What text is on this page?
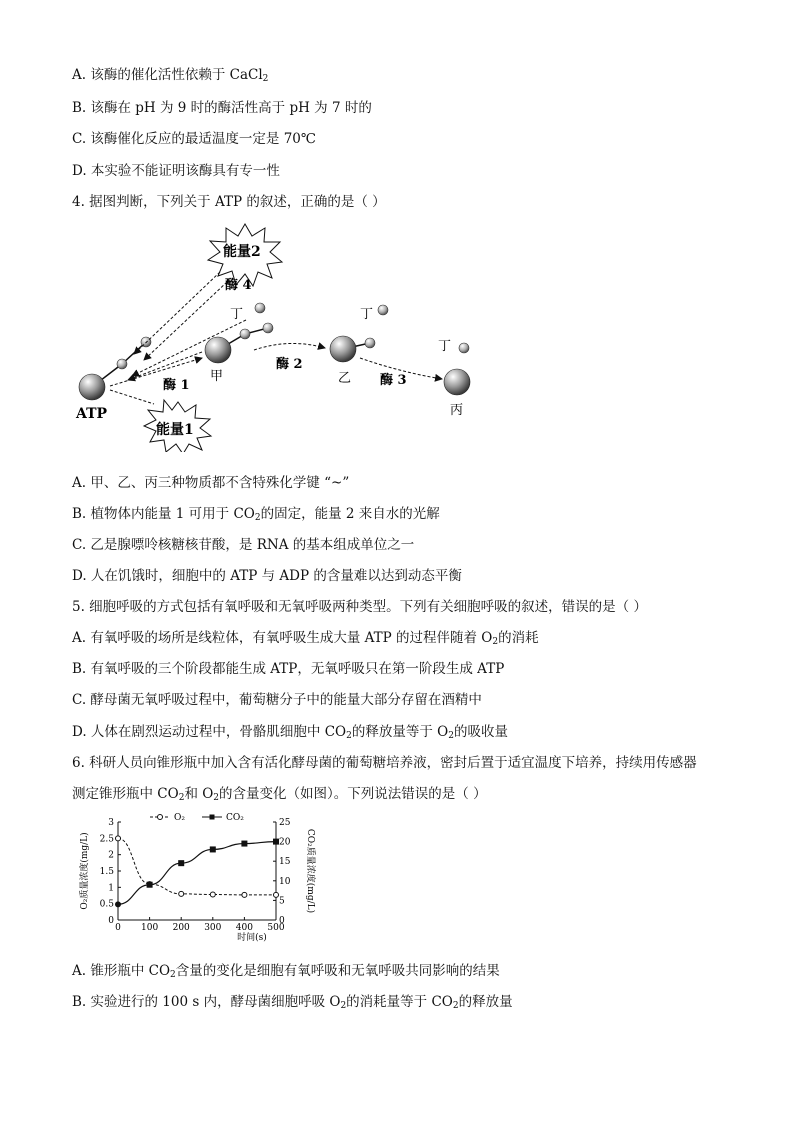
A. 该酶的催化活性依赖于 CaCl$_2$
B. 该酶在 pH 为 9 时的酶活性高于 pH 为 7 时的
C. 该酶催化反应的最适温度一定是 70℃
D. 本实验不能证明该酶具有专一性
4. 据图判断，下列关于 ATP 的叙述，正确的是（ ）
能量2
酶 4
能量1
ATP
酶 1
丁
甲
酶 2
丁
乙 酶 3
丁
丙
A. 甲、乙、丙三种物质都不含特殊化学键 “~”
B. 植物体内能量 1 可用于 $CO_2$的固定，能量 2 来自水的光解
C. 乙是腺嘌呤核糖核苷酸，是 RNA 的基本组成单位之一
D. 人在饥饿时，细胞中的 ATP 与 ADP 的含量难以达到动态平衡
5. 细胞呼吸的方式包括有氧呼吸和无氧呼吸两种类型。下列有关细胞呼吸的叙述，错误的是（ ）
A. 有氧呼吸的场所是线粒体，有氧呼吸生成大量 ATP 的过程伴随着 $O_2$的消耗
B. 有氧呼吸的三个阶段都能生成 ATP，无氧呼吸只在第一阶段生成 ATP
C. 酵母菌无氧呼吸过程中，葡萄糖分子中的能量大部分存留在酒精中
D. 人体在剧烈运动过程中，骨骼肌细胞中 $CO_2$的释放量等于 $O_2$的吸收量
6. 科研人员向锥形瓶中加入含有活化酵母菌的葡萄糖培养液，密封后置于适宜温度下培养，持续用传感器
测定锥形瓶中 $CO_2$和 $O_2$的含量变化（如图）。下列说法错误的是（ ）
0
0.5
1
1.5
2
2.5
3
0
5
10
15
20
25
0 100 200 300 400 500
时间(s)
O₂质量浓度(mg/L)	CO₂质量浓度(mg/L)
O₂	CO₂
A. 锥形瓶中 $CO_2$含量的变化是细胞有氧呼吸和无氧呼吸共同影响的结果
B. 实验进行的 100 s 内，酵母菌细胞呼吸 $O_2$的消耗量等于 $CO_2$的释放量
